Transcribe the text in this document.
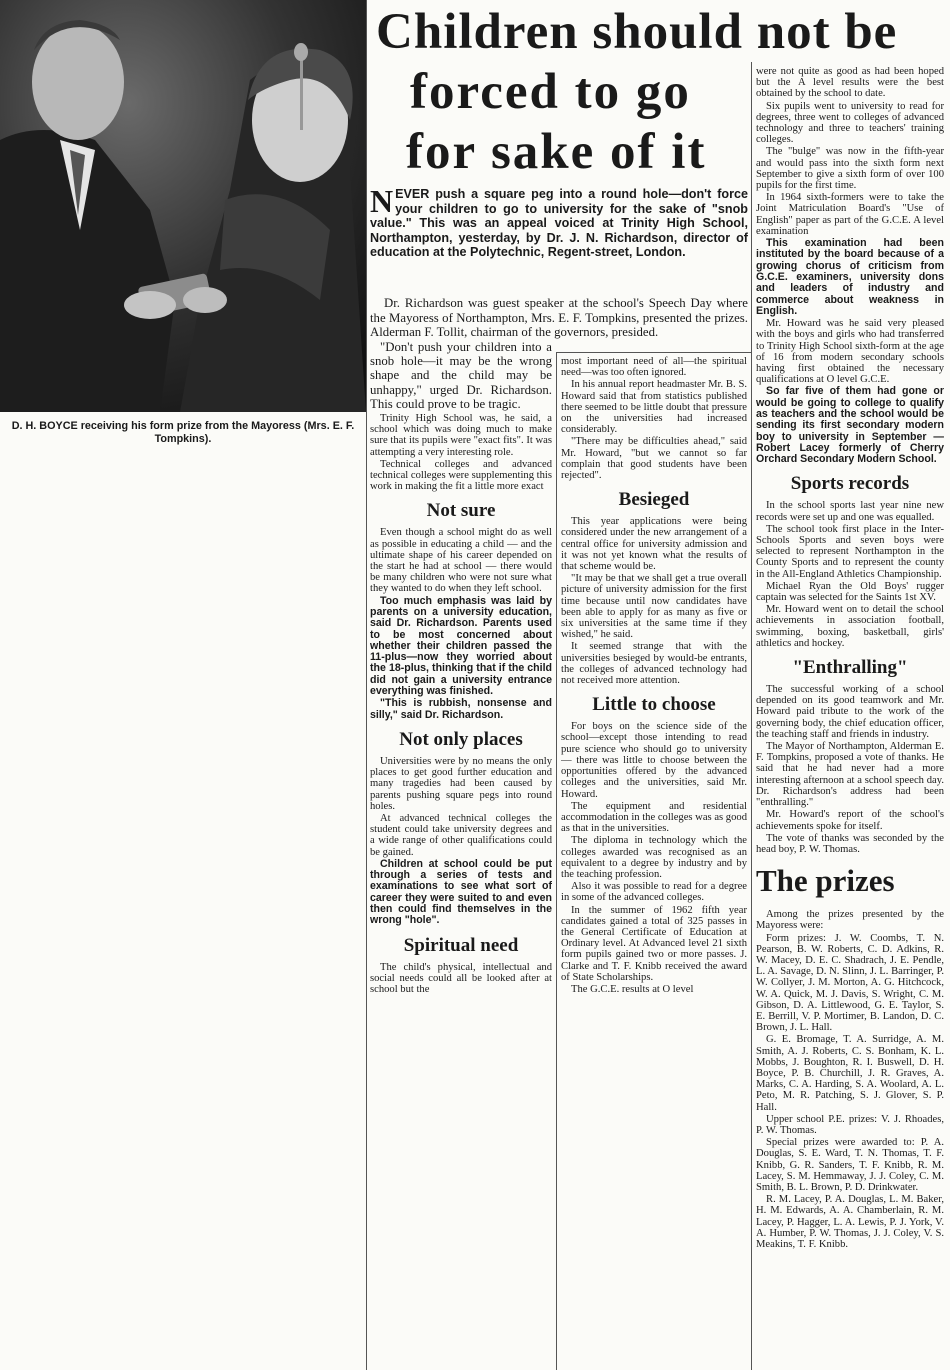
D. H. BOYCE receiving his form prize from the Mayoress (Mrs. E. F. Tompkins).
Children should not be
forced to go
for sake of it
NEVER push a square peg into a round hole—don't force your children to go to university for the sake of "snob value." This was an appeal voiced at Trinity High School, Northampton, yesterday, by Dr. J. N. Richardson, director of education at the Polytechnic, Regent-street, London.

Dr. Richardson was guest speaker at the school's Speech Day where the Mayoress of Northampton, Mrs. E. F. Tompkins, presented the prizes. Alderman F. Tollit, chairman of the governors, presided.

"Don't push your children into a snob hole—it may be the wrong shape and the child may be unhappy," urged Dr. Richardson. This could prove to be tragic.

Trinity High School was, he said, a school which was doing much to make sure that its pupils were "exact fits". It was attempting a very interesting role.

Technical colleges and advanced technical colleges were supplementing this work in making the fit a little more exact

Not sure

Even though a school might do as well as possible in educating a child — and the ultimate shape of his career depended on the start he had at school — there would be many children who were not sure what they wanted to do when they left school.

Too much emphasis was laid by parents on a university education, said Dr. Richardson. Parents used to be most concerned about whether their children passed the 11-plus—now they worried about the 18-plus, thinking that if the child did not gain a university entrance everything was finished.

"This is rubbish, nonsense and silly," said Dr. Richardson.

Not only places

Universities were by no means the only places to get good further education and many tragedies had been caused by parents pushing square pegs into round holes.

At advanced technical colleges the student could take university degrees and a wide range of other qualifications could be gained.

Children at school could be put through a series of tests and examinations to see what sort of career they were suited to and even then could find themselves in the wrong "hole".

Spiritual need

The child's physical, intellectual and social needs could all be looked after at school but the

most important need of all—the spiritual need—was too often ignored.

In his annual report headmaster Mr. B. S. Howard said that from statistics published there seemed to be little doubt that pressure on the universities had increased considerably.

"There may be difficulties ahead," said Mr. Howard, "but we cannot so far complain that good students have been rejected".

Besieged

This year applications were being considered under the new arrangement of a central office for university admission and it was not yet known what the results of that scheme would be.

"It may be that we shall get a true overall picture of university admission for the first time because until now candidates have been able to apply for as many as five or six universities at the same time if they wished," he said.

It seemed strange that with the universities besieged by would-be entrants, the colleges of advanced technology had not received more attention.

Little to choose

For boys on the science side of the school—except those intending to read pure science who should go to university — there was little to choose between the opportunities offered by the advanced colleges and the universities, said Mr. Howard.

The equipment and residential accommodation in the colleges was as good as that in the universities.

The diploma in technology which the colleges awarded was recognised as an equivalent to a degree by industry and by the teaching profession.

Also it was possible to read for a degree in some of the advanced colleges.

In the summer of 1962 fifth year candidates gained a total of 325 passes in the General Certificate of Education at Ordinary level. At Advanced level 21 sixth form pupils gained two or more passes. J. Clarke and T. F. Knibb received the award of State Scholarships.

The G.C.E. results at O level

were not quite as good as had been hoped but the A level results were the best obtained by the school to date.

Six pupils went to university to read for degrees, three went to colleges of advanced technology and three to teachers' training colleges.

The "bulge" was now in the fifth-year and would pass into the sixth form next September to give a sixth form of over 100 pupils for the first time.

In 1964 sixth-formers were to take the Joint Matriculation Board's "Use of English" paper as part of the G.C.E. A level examination

This examination had been instituted by the board because of a growing chorus of criticism from G.C.E. examiners, university dons and leaders of industry and commerce about weakness in English.

Mr. Howard was he said very pleased with the boys and girls who had transferred to Trinity High School sixth-form at the age of 16 from modern secondary schools having first obtained the necessary qualifications at O level G.C.E.

So far five of them had gone or would be going to college to qualify as teachers and the school would be sending its first secondary modern boy to university in September — Robert Lacey formerly of Cherry Orchard Secondary Modern School.

Sports records

In the school sports last year nine new records were set up and one was equalled.

The school took first place in the Inter-Schools Sports and seven boys were selected to represent Northampton in the County Sports and to represent the county in the All-England Athletics Championship.

Michael Ryan the Old Boys' rugger captain was selected for the Saints 1st XV.

Mr. Howard went on to detail the school achievements in association football, swimming, boxing, basketball, girls' athletics and hockey.

"Enthralling"

The successful working of a school depended on its good teamwork and Mr. Howard paid tribute to the work of the governing body, the chief education officer, the teaching staff and friends in industry.

The Mayor of Northampton, Alderman E. F. Tompkins, proposed a vote of thanks. He said that he had never had a more interesting afternoon at a school speech day. Dr. Richardson's address had been "enthralling."

Mr. Howard's report of the school's achievements spoke for itself.

The vote of thanks was seconded by the head boy, P. W. Thomas.

The prizes

Among the prizes presented by the Mayoress were:

Form prizes: J. W. Coombs, T. N. Pearson, B. W. Roberts, C. D. Adkins, R. W. Macey, D. E. C. Shadrach, J. E. Pendle, L. A. Savage, D. N. Slinn, J. L. Barringer, P. W. Collyer, J. M. Morton, A. G. Hitchcock, W. A. Quick, M. J. Davis, S. Wright, C. M. Gibson, D. A. Littlewood, G. E. Taylor, S. E. Berrill, V. P. Mortimer, B. Landon, D. C. Brown, J. L. Hall.

G. E. Bromage, T. A. Surridge, A. M. Smith, A. J. Roberts, C. S. Bonham, K. L. Mobbs, J. Boughton, R. I. Buswell, D. H. Boyce, P. B. Churchill, J. R. Graves, A. Marks, C. A. Harding, S. A. Woolard, A. L. Peto, M. R. Patching, S. J. Glover, S. P. Hall.

Upper school P.E. prizes: V. J. Rhoades, P. W. Thomas.

Special prizes were awarded to: P. A. Douglas, S. E. Ward, T. N. Thomas, T. F. Knibb, G. R. Sanders, T. F. Knibb, R. M. Lacey, S. M. Hemmaway, J. J. Coley, C. M. Smith, B. L. Brown, P. D. Drinkwater.

R. M. Lacey, P. A. Douglas, L. M. Baker, H. M. Edwards, A. A. Chamberlain, R. M. Lacey, P. Hagger, L. A. Lewis, P. J. York, V. A. Humber, P. W. Thomas, J. J. Coley, V. S. Meakins, T. F. Knibb.
